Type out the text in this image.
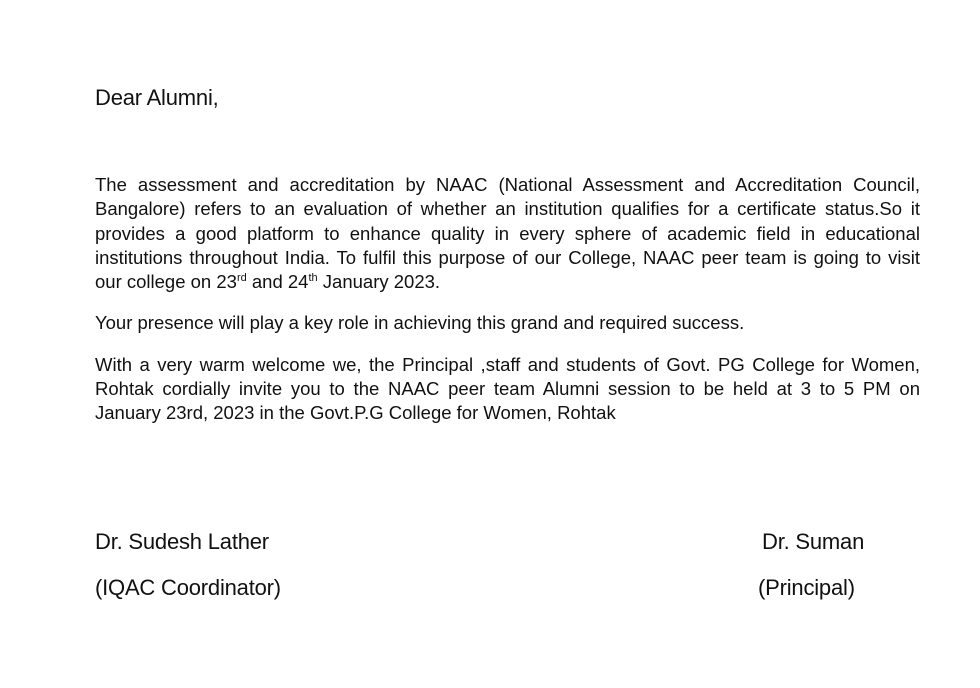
Dear Alumni,

The assessment and accreditation by NAAC (National Assessment and Accreditation Council, Bangalore) refers to an evaluation of whether an institution qualifies for a certificate status.So it provides a good platform to enhance quality in every sphere of academic field in educational institutions throughout India. To fulfil this purpose of our College, NAAC peer team is going to visit our college on 23rd and 24th January 2023.

Your presence will play a key role in achieving this grand and required success.

With a very warm welcome we, the Principal ,staff and students of Govt. PG College for Women, Rohtak cordially invite you to the NAAC peer team Alumni session to be held at 3 to 5 PM on January 23rd, 2023 in the Govt.P.G College for Women, Rohtak

Dr. Sudesh Lather
(IQAC Coordinator)
Dr. Suman
(Principal)
